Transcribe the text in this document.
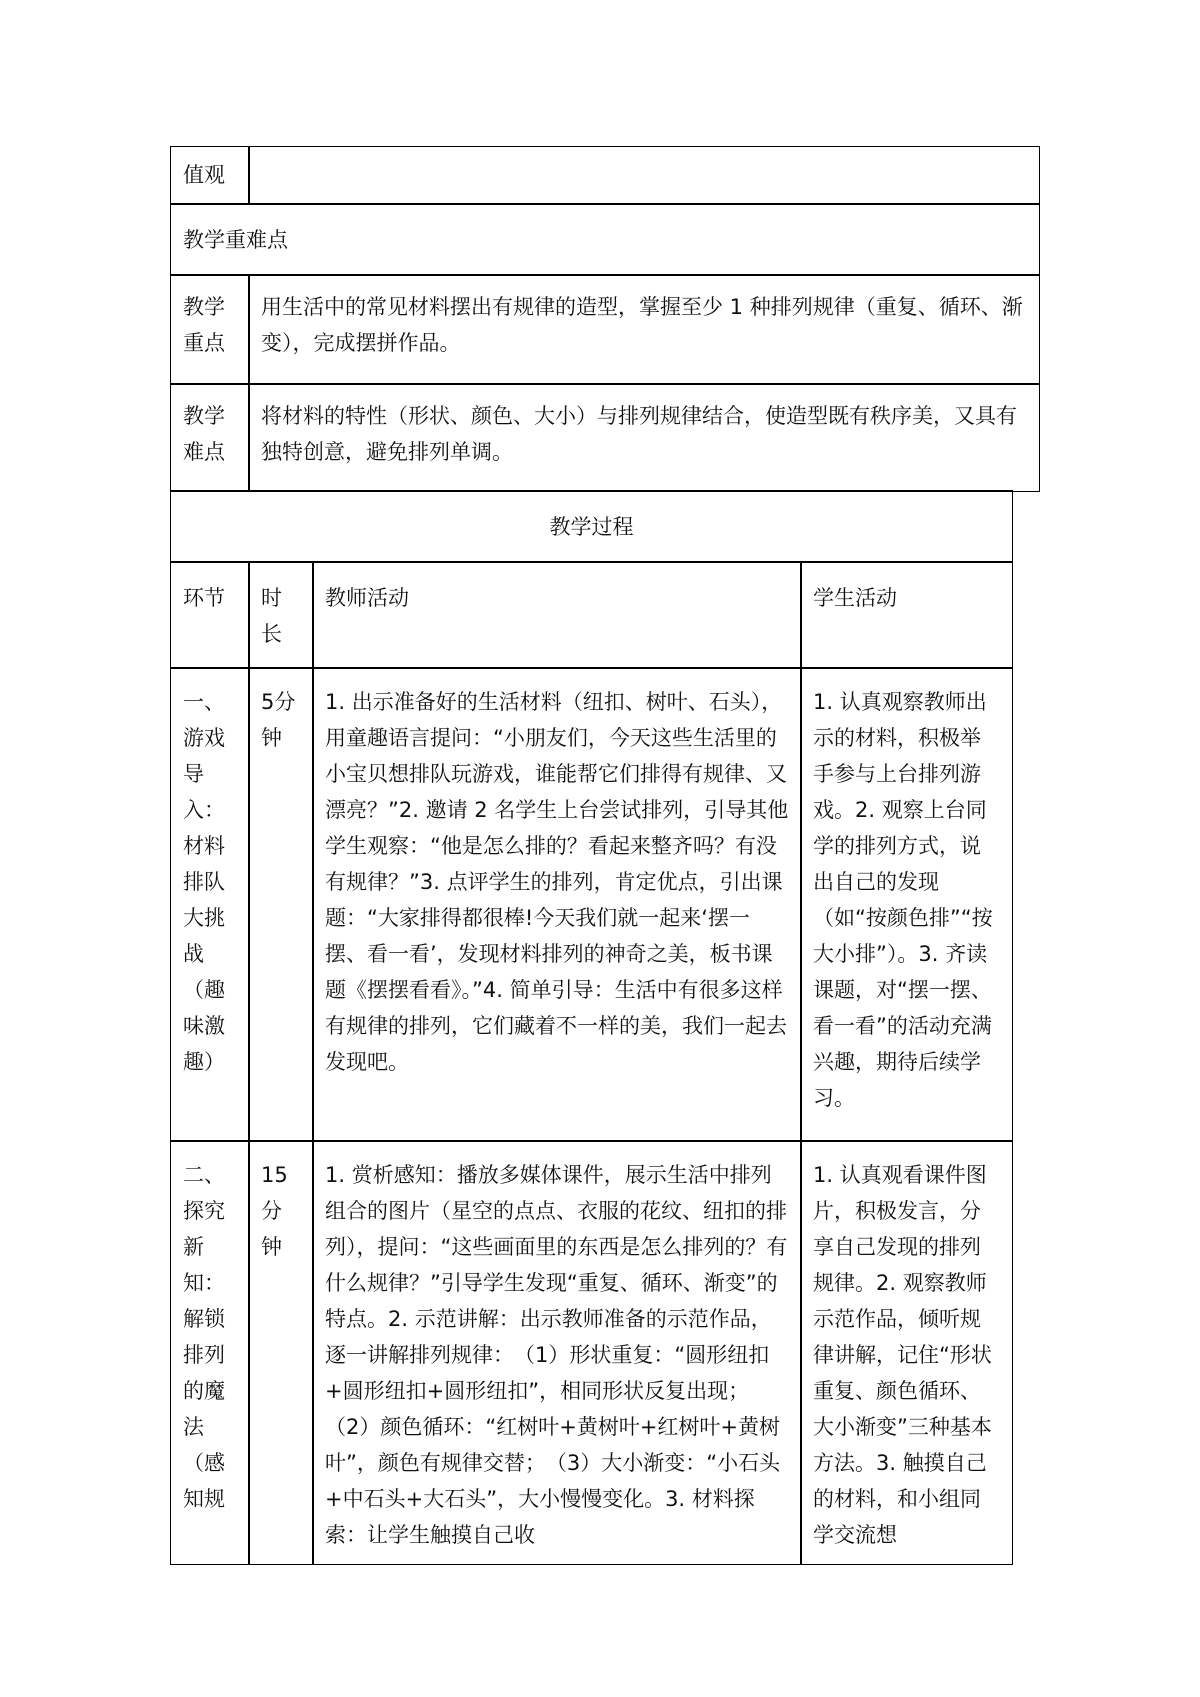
值观
教学重难点
教学重点
用生活中的常见材料摆出有规律的造型，掌握至少 1 种排列规律（重复、循环、渐变），完成摆拼作品。
教学难点
将材料的特性（形状、颜色、大小）与排列规律结合，使造型既有秩序美，又具有独特创意，避免排列单调。
教学过程
环节	时长
教师活动	学生活动
一、游戏导入：材料排队大挑战（趣味激趣）
5分钟
1. 出示准备好的生活材料（纽扣、树叶、石头），用童趣语言提问：“小朋友们，今天这些生活里的小宝贝想排队玩游戏，谁能帮它们排得有规律、又漂亮？”2. 邀请 2 名学生上台尝试排列，引导其他学生观察：“他是怎么排的？看起来整齐吗？有没有规律？”3. 点评学生的排列，肯定优点，引出课题：“大家排得都很棒!今天我们就一起来‘摆一摆、看一看’，发现材料排列的神奇之美，板书课题《摆摆看看》。”4. 简单引导：生活中有很多这样有规律的排列，它们藏着不一样的美，我们一起去发现吧。
1. 认真观察教师出示的材料，积极举手参与上台排列游戏。2. 观察上台同学的排列方式，说出自己的发现（如“按颜色排”“按大小排”）。3. 齐读课题，对“摆一摆、看一看”的活动充满兴趣，期待后续学习。
二、探究新知：解锁排列的魔法（感知规
15分钟
1. 赏析感知：播放多媒体课件，展示生活中排列组合的图片（星空的点点、衣服的花纹、纽扣的排列），提问：“这些画面里的东西是怎么排列的？有什么规律？”引导学生发现“重复、循环、渐变”的特点。2. 示范讲解：出示教师准备的示范作品，逐一讲解排列规律：　（1）形状重复：“圆形纽扣+圆形纽扣+圆形纽扣”，相同形状反复出现；　（2）颜色循环：“红树叶+黄树叶+红树叶+黄树叶”，颜色有规律交替；　（3）大小渐变：“小石头+中石头+大石头”，大小慢慢变化。3. 材料探索：让学生触摸自己收
1. 认真观看课件图片，积极发言，分享自己发现的排列规律。2. 观察教师示范作品，倾听规律讲解，记住“形状重复、颜色循环、大小渐变”三种基本方法。3. 触摸自己的材料，和小组同学交流想
